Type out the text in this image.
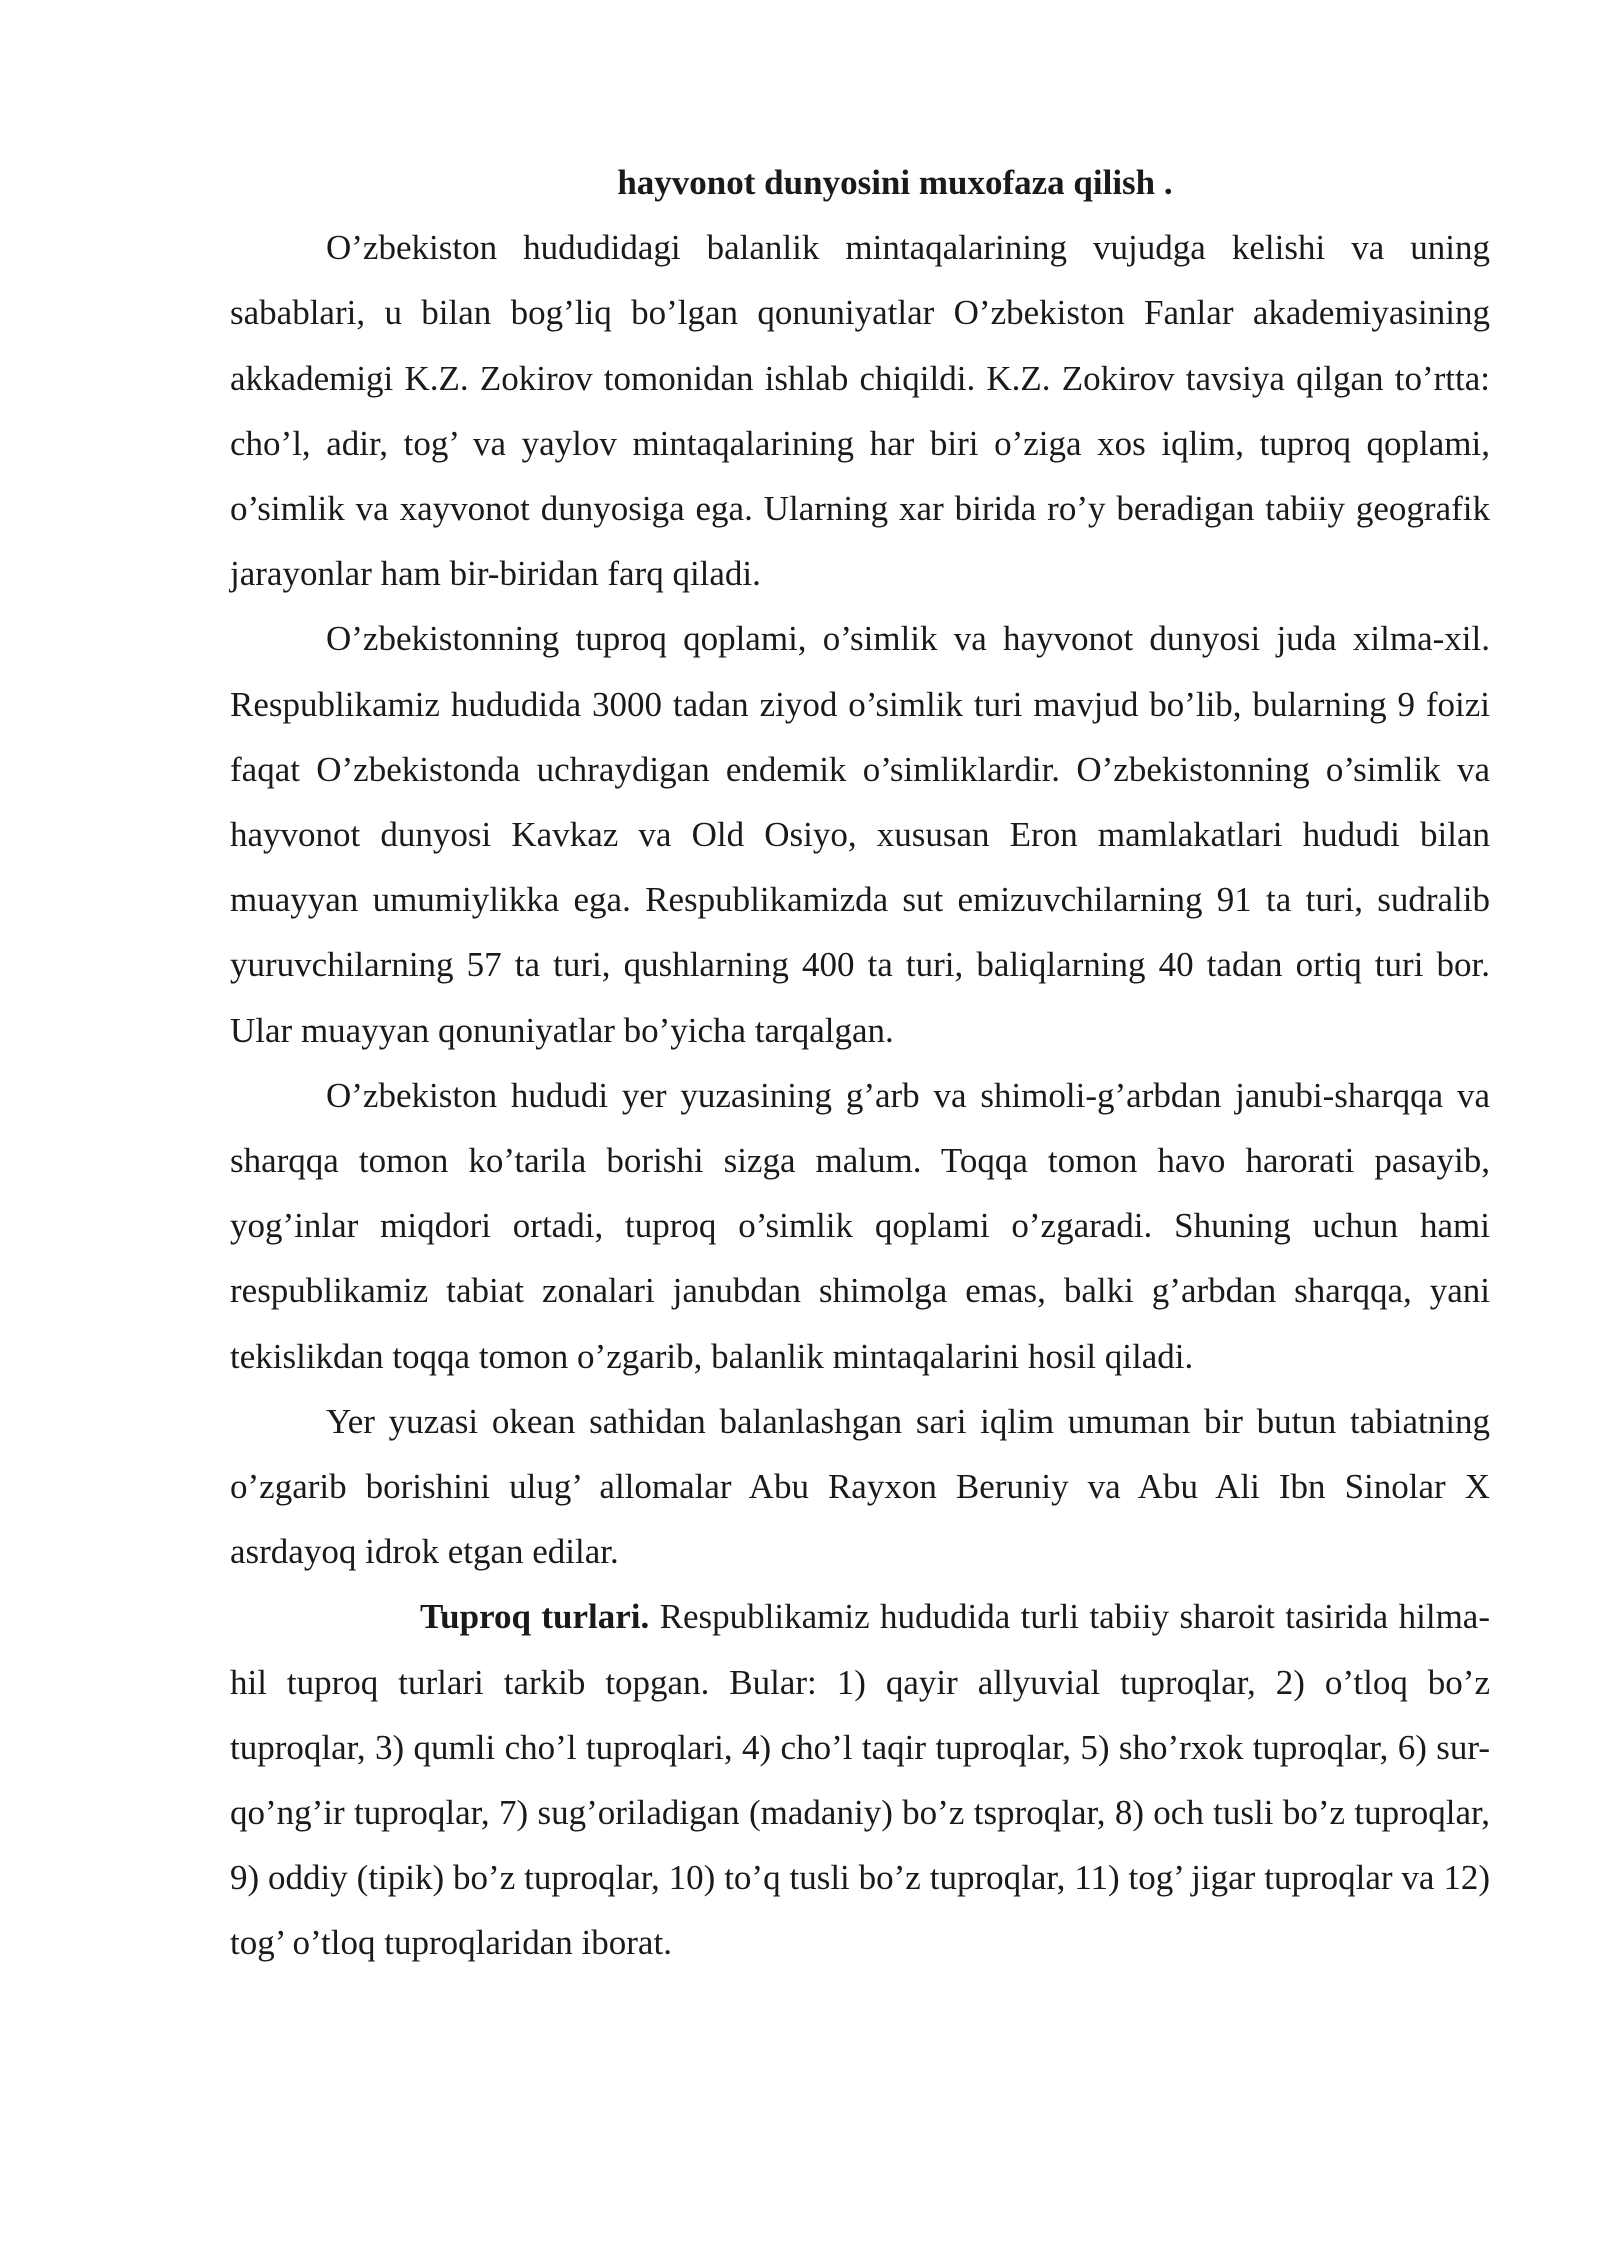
hayvonot dunyosini muxofaza qilish .

O’zbekiston hududidagi balanlik mintaqalarining vujudga kelishi va uning sabablari, u bilan bog’liq bo’lgan qonuniyatlar O’zbekiston Fanlar akademiyasining akkademigi K.Z. Zokirov tomonidan ishlab chiqildi. K.Z. Zokirov tavsiya qilgan to’rtta: cho’l, adir, tog’ va yaylov mintaqalarining har biri o’ziga xos iqlim, tuproq qoplami, o’simlik va xayvonot dunyosiga ega. Ularning xar birida ro’y beradigan tabiiy geografik jarayonlar ham bir-biridan farq qiladi.

O’zbekistonning tuproq qoplami, o’simlik va hayvonot dunyosi juda xilma-xil. Respublikamiz hududida 3000 tadan ziyod o’simlik turi mavjud bo’lib, bularning 9 foizi faqat O’zbekistonda uchraydigan endemik o’simliklardir. O’zbekistonning o’simlik va hayvonot dunyosi Kavkaz va Old Osiyo, xususan Eron mamlakatlari hududi bilan muayyan umumiylikka ega. Respublikamizda sut emizuvchilarning 91 ta turi, sudralib yuruvchilarning 57 ta turi, qushlarning 400 ta turi, baliqlarning 40 tadan ortiq turi bor. Ular muayyan qonuniyatlar bo’yicha tarqalgan.

O’zbekiston hududi yer yuzasining g’arb va shimoli-g’arbdan janubi-sharqqa va sharqqa tomon ko’tarila borishi sizga malum. Toqqa tomon havo harorati pasayib, yog’inlar miqdori ortadi, tuproq o’simlik qoplami o’zgaradi. Shuning uchun hami respublikamiz tabiat zonalari janubdan shimolga emas, balki g’arbdan sharqqa, yani tekislikdan toqqa tomon o’zgarib, balanlik mintaqalarini hosil qiladi.

Yer yuzasi okean sathidan balanlashgan sari iqlim umuman bir butun tabiatning o’zgarib borishini ulug’ allomalar Abu Rayxon Beruniy va Abu Ali Ibn Sinolar X asrdayoq idrok etgan edilar.

Tuproq turlari. Respublikamiz hududida turli tabiiy sharoit tasirida hilma-hil tuproq turlari tarkib topgan. Bular: 1) qayir allyuvial tuproqlar, 2) o’tloq bo’z tuproqlar, 3) qumli cho’l tuproqlari, 4) cho’l taqir tuproqlar, 5) sho’rxok tuproqlar, 6) sur-qo’ng’ir tuproqlar, 7) sug’oriladigan (madaniy) bo’z tsproqlar, 8) och tusli bo’z tuproqlar, 9) oddiy (tipik) bo’z tuproqlar, 10) to’q tusli bo’z tuproqlar, 11) tog’ jigar tuproqlar va 12) tog’ o’tloq tuproqlaridan iborat.
